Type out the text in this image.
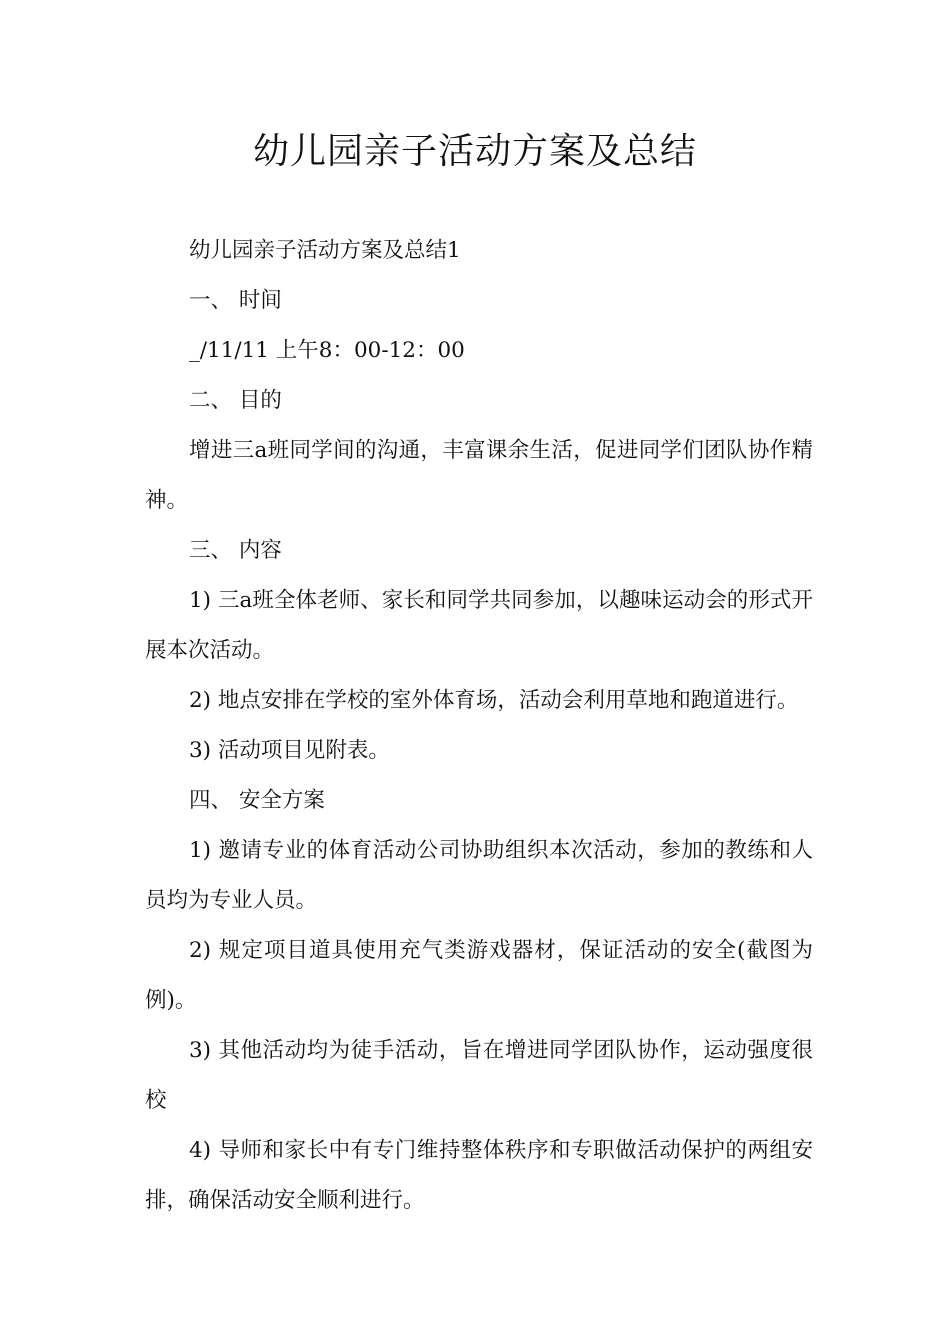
幼儿园亲子活动方案及总结

幼儿园亲子活动方案及总结1

一、 时间

_/11/11 上午8：00-12：00

二、 目的

增进三a班同学间的沟通，丰富课余生活，促进同学们团队协作精神。

三、 内容

1) 三a班全体老师、家长和同学共同参加，以趣味运动会的形式开展本次活动。

2) 地点安排在学校的室外体育场，活动会利用草地和跑道进行。

3) 活动项目见附表。

四、 安全方案

1) 邀请专业的体育活动公司协助组织本次活动，参加的教练和人员均为专业人员。

2) 规定项目道具使用充气类游戏器材，保证活动的安全(截图为例)。

3) 其他活动均为徒手活动，旨在增进同学团队协作，运动强度很校

4) 导师和家长中有专门维持整体秩序和专职做活动保护的两组安排，确保活动安全顺利进行。
